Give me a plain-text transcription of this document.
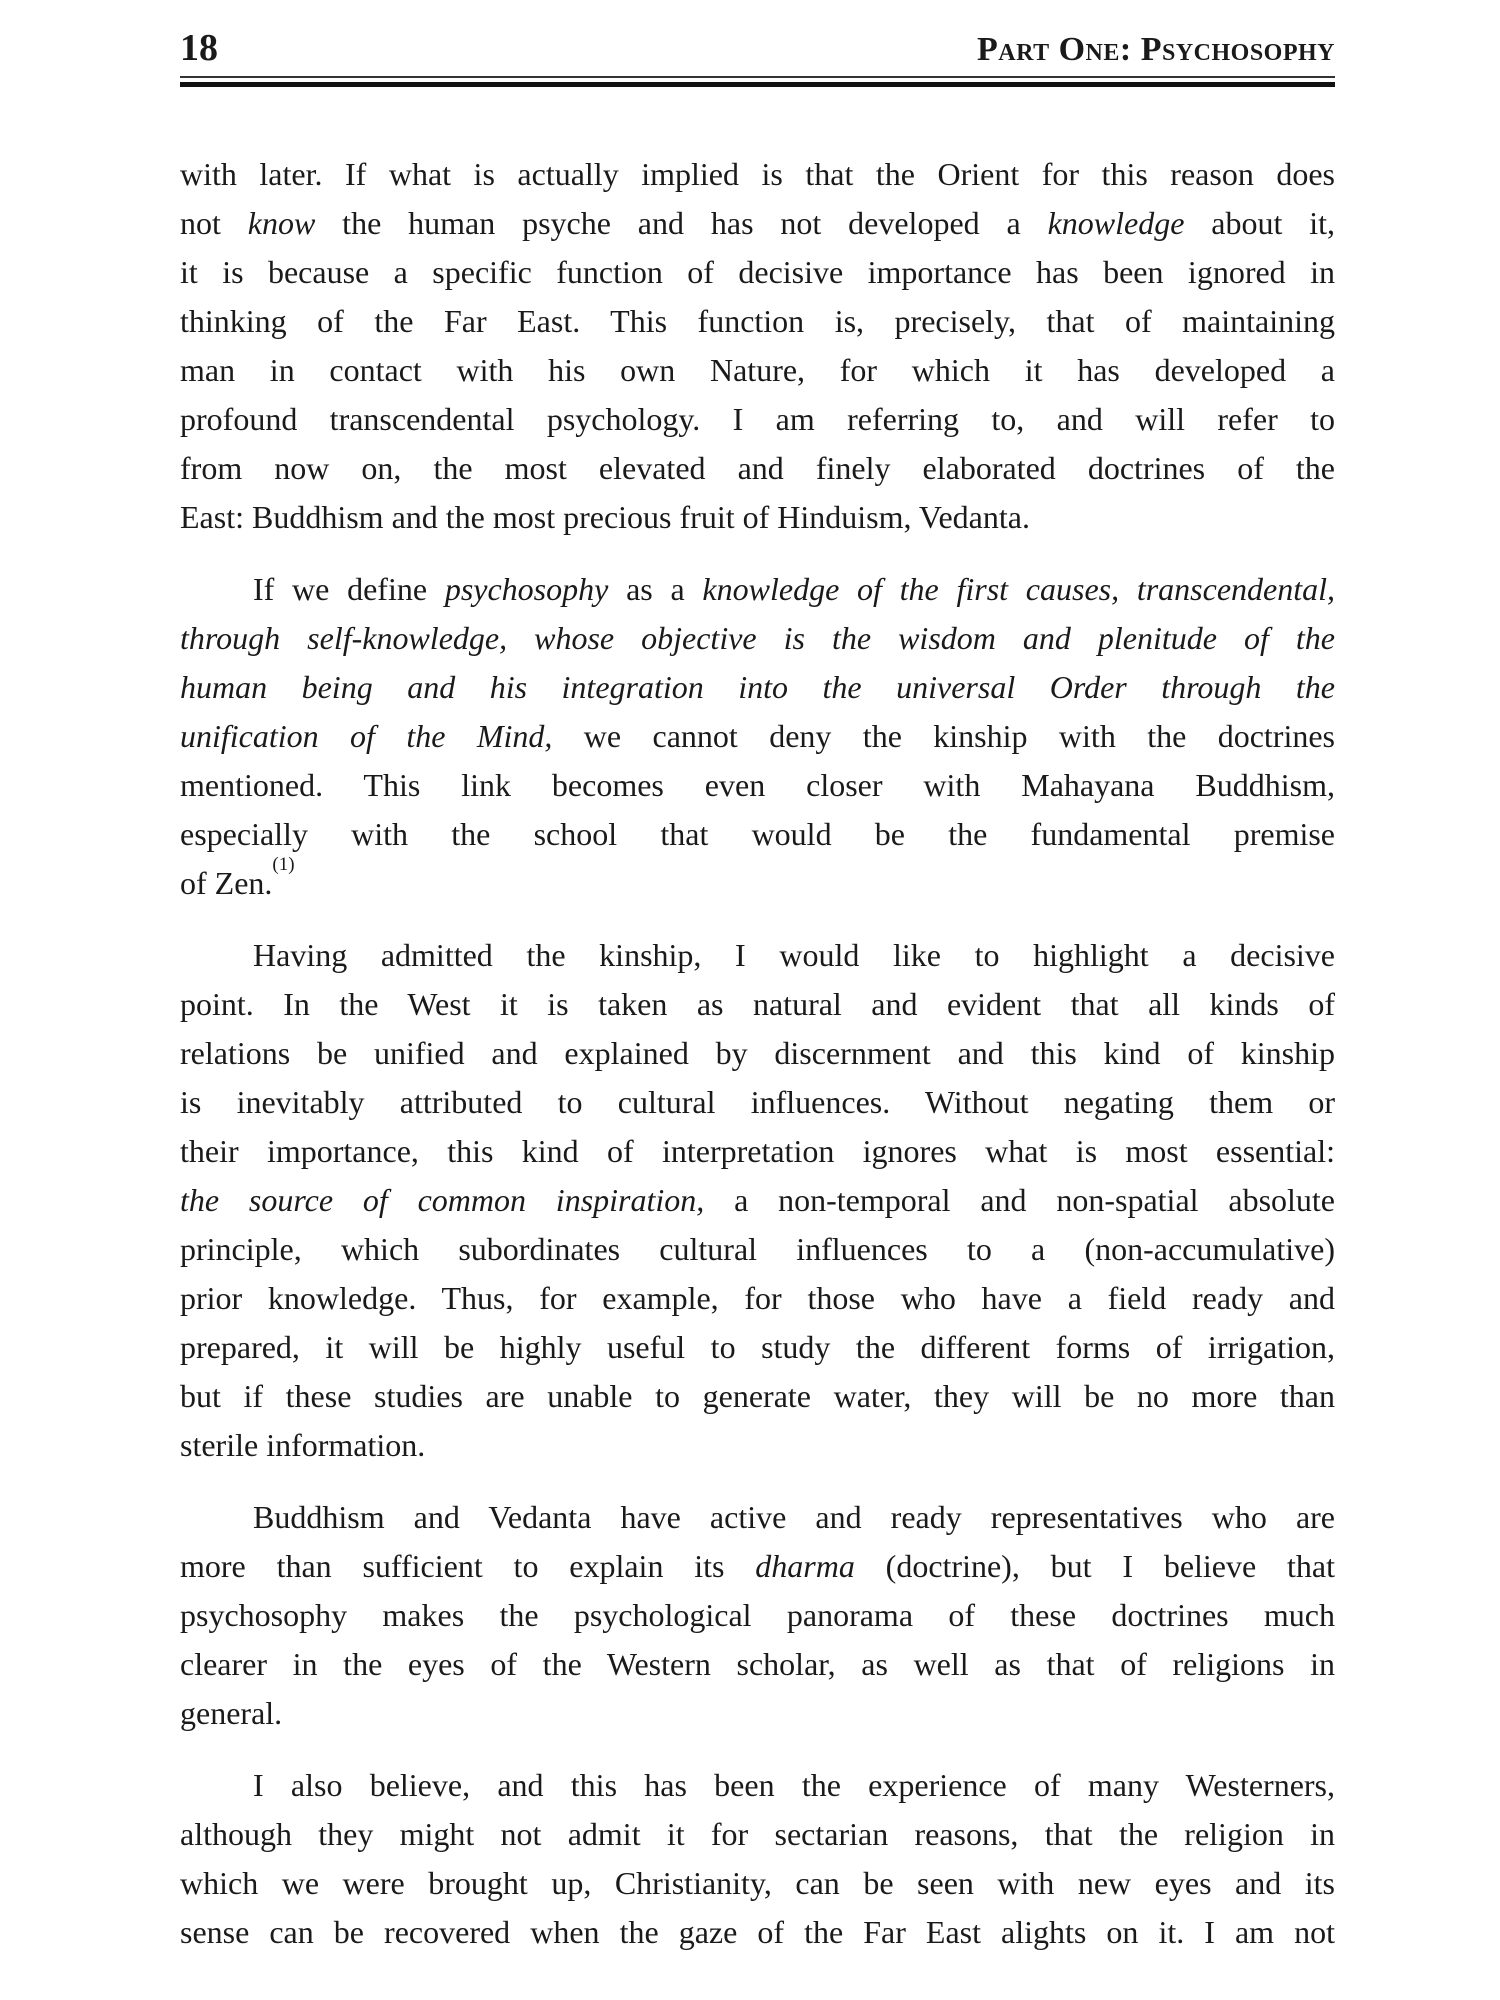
18	Part One: Psychosophy
with later. If what is actually implied is that the Orient for this reason does
not know the human psyche and has not developed a knowledge about it,
it is because a specific function of decisive importance has been ignored in
thinking of the Far East. This function is, precisely, that of maintaining
man in contact with his own Nature, for which it has developed a
profound transcendental psychology. I am referring to, and will refer to
from now on, the most elevated and finely elaborated doctrines of the
East: Buddhism and the most precious fruit of Hinduism, Vedanta.
If we define psychosophy as a knowledge of the first causes, transcendental,
through self-knowledge, whose objective is the wisdom and plenitude of the
human being and his integration into the universal Order through the
unification of the Mind, we cannot deny the kinship with the doctrines
mentioned. This link becomes even closer with Mahayana Buddhism,
especially with the school that would be the fundamental premise
of Zen.$^{(1)}$
Having admitted the kinship, I would like to highlight a decisive
point. In the West it is taken as natural and evident that all kinds of
relations be unified and explained by discernment and this kind of kinship
is inevitably attributed to cultural influences. Without negating them or
their importance, this kind of interpretation ignores what is most essential:
the source of common inspiration, a non-temporal and non-spatial absolute
principle, which subordinates cultural influences to a (non-accumulative)
prior knowledge. Thus, for example, for those who have a field ready and
prepared, it will be highly useful to study the different forms of irrigation,
but if these studies are unable to generate water, they will be no more than
sterile information.
Buddhism and Vedanta have active and ready representatives who are
more than sufficient to explain its dharma (doctrine), but I believe that
psychosophy makes the psychological panorama of these doctrines much
clearer in the eyes of the Western scholar, as well as that of religions in
general.
I also believe, and this has been the experience of many Westerners,
although they might not admit it for sectarian reasons, that the religion in
which we were brought up, Christianity, can be seen with new eyes and its
sense can be recovered when the gaze of the Far East alights on it. I am not
